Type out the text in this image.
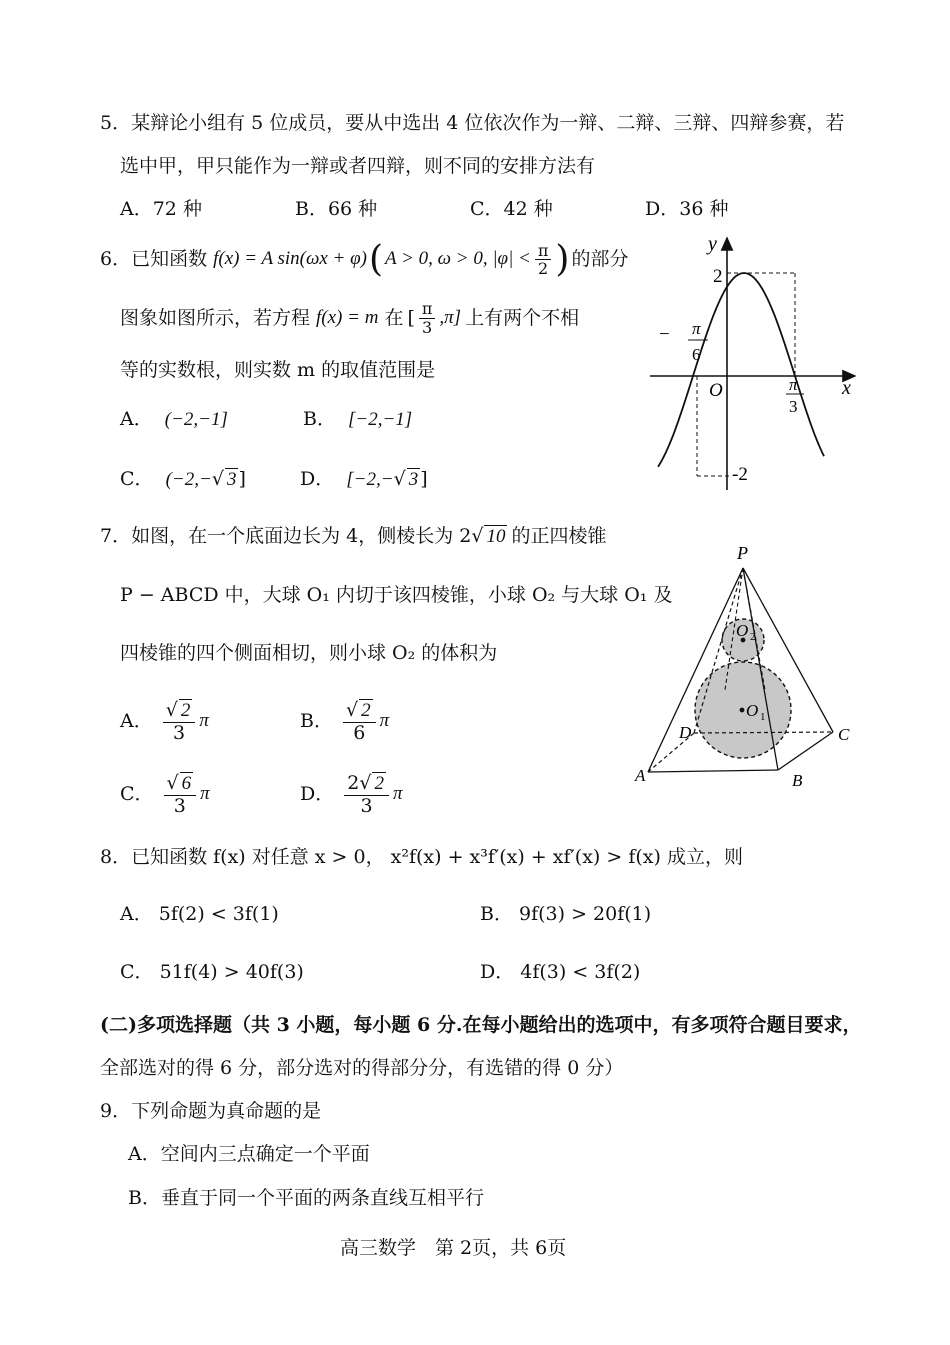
5．某辩论小组有 5 位成员，要从中选出 4 位依次作为一辩、二辩、三辩、四辩参赛，若
选中甲，甲只能作为一辩或者四辩，则不同的安排方法有
A．72 种	B．66 种	C．42 种	D．36 种
6．已知函数 f(x) = A sin(ωx + φ) ( A > 0, ω > 0, $|\varphi| < \frac{\pi}{2}$ ) 的部分
图象如图所示，若方程 f(x) = m 在 [ $\frac{\pi}{3} ,\pi$] 上有两个不相
等的实数根，则实数 m 的取值范围是
A． (−2,−1]	B． [−2,−1]
C． (−2,−√ 3 ]	D． [−2,−√ 3 ]
y
x
O
2
-2
− π
6
π
3
7．如图，在一个底面边长为 4，侧棱长为 2√ 10 的正四棱锥
P − ABCD 中，大球 O₁ 内切于该四棱锥，小球 O₂ 与大球 O₁ 及
四棱锥的四个侧面相切，则小球 O₂ 的体积为
A． $\frac{√ 2}{3}$ π	B． $\frac{√ 2}{6}$ π
C． $\frac{√ 6}{3}$ π	D． $\frac{2√ 2}{3}$ π
P
A	B
C
D
O 1
O 2
8．已知函数 f(x) 对任意 x > 0， x²f(x) + x³f′(x) + xf′(x) > f(x) 成立，则
A． 5f(2) < 3f(1)	B． 9f(3) > 20f(1)
C． 51f(4) > 40f(3)	D． 4f(3) < 3f(2)
(二)多项选择题（共 3 小题，每小题 6 分.在每小题给出的选项中，有多项符合题目要求，
全部选对的得 6 分，部分选对的得部分分，有选错的得 0 分）
9．下列命题为真命题的是
A．空间内三点确定一个平面
B．垂直于同一个平面的两条直线互相平行
高三数学　第 2页，共 6页
